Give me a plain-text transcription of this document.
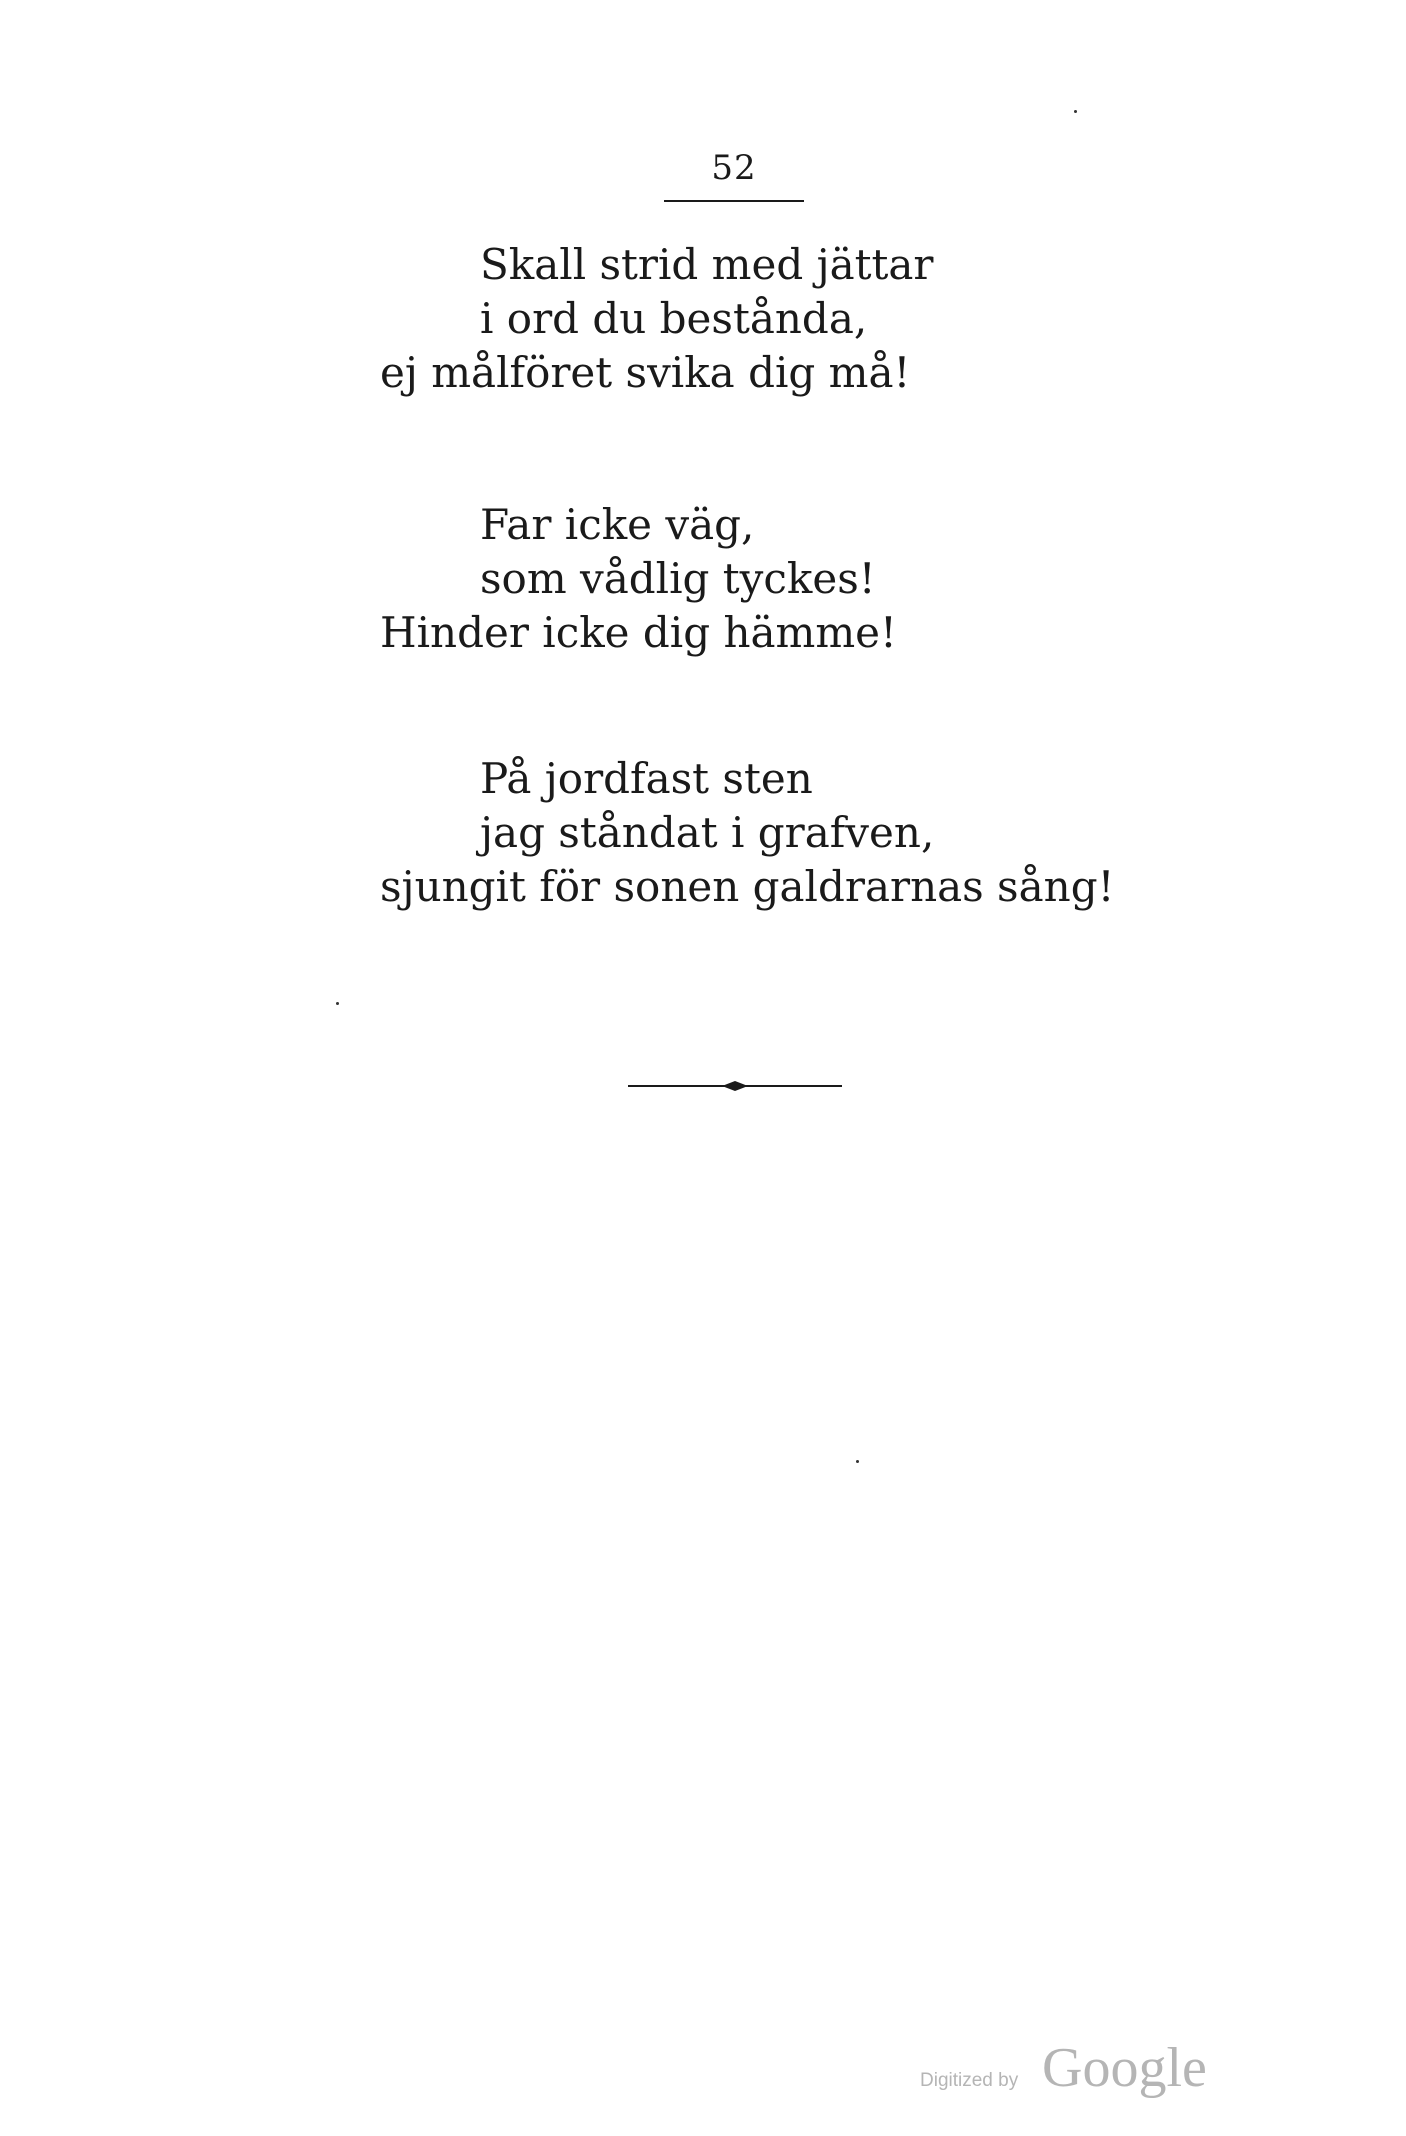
52
Skall strid med jättar
i ord du bestånda,
ej målföret svika dig må!
Far icke väg,
som vådlig tyckes!
Hinder icke dig hämme!
På jordfast sten
jag ståndat i grafven,
sjungit för sonen galdrarnas sång!
Digitized by Google
